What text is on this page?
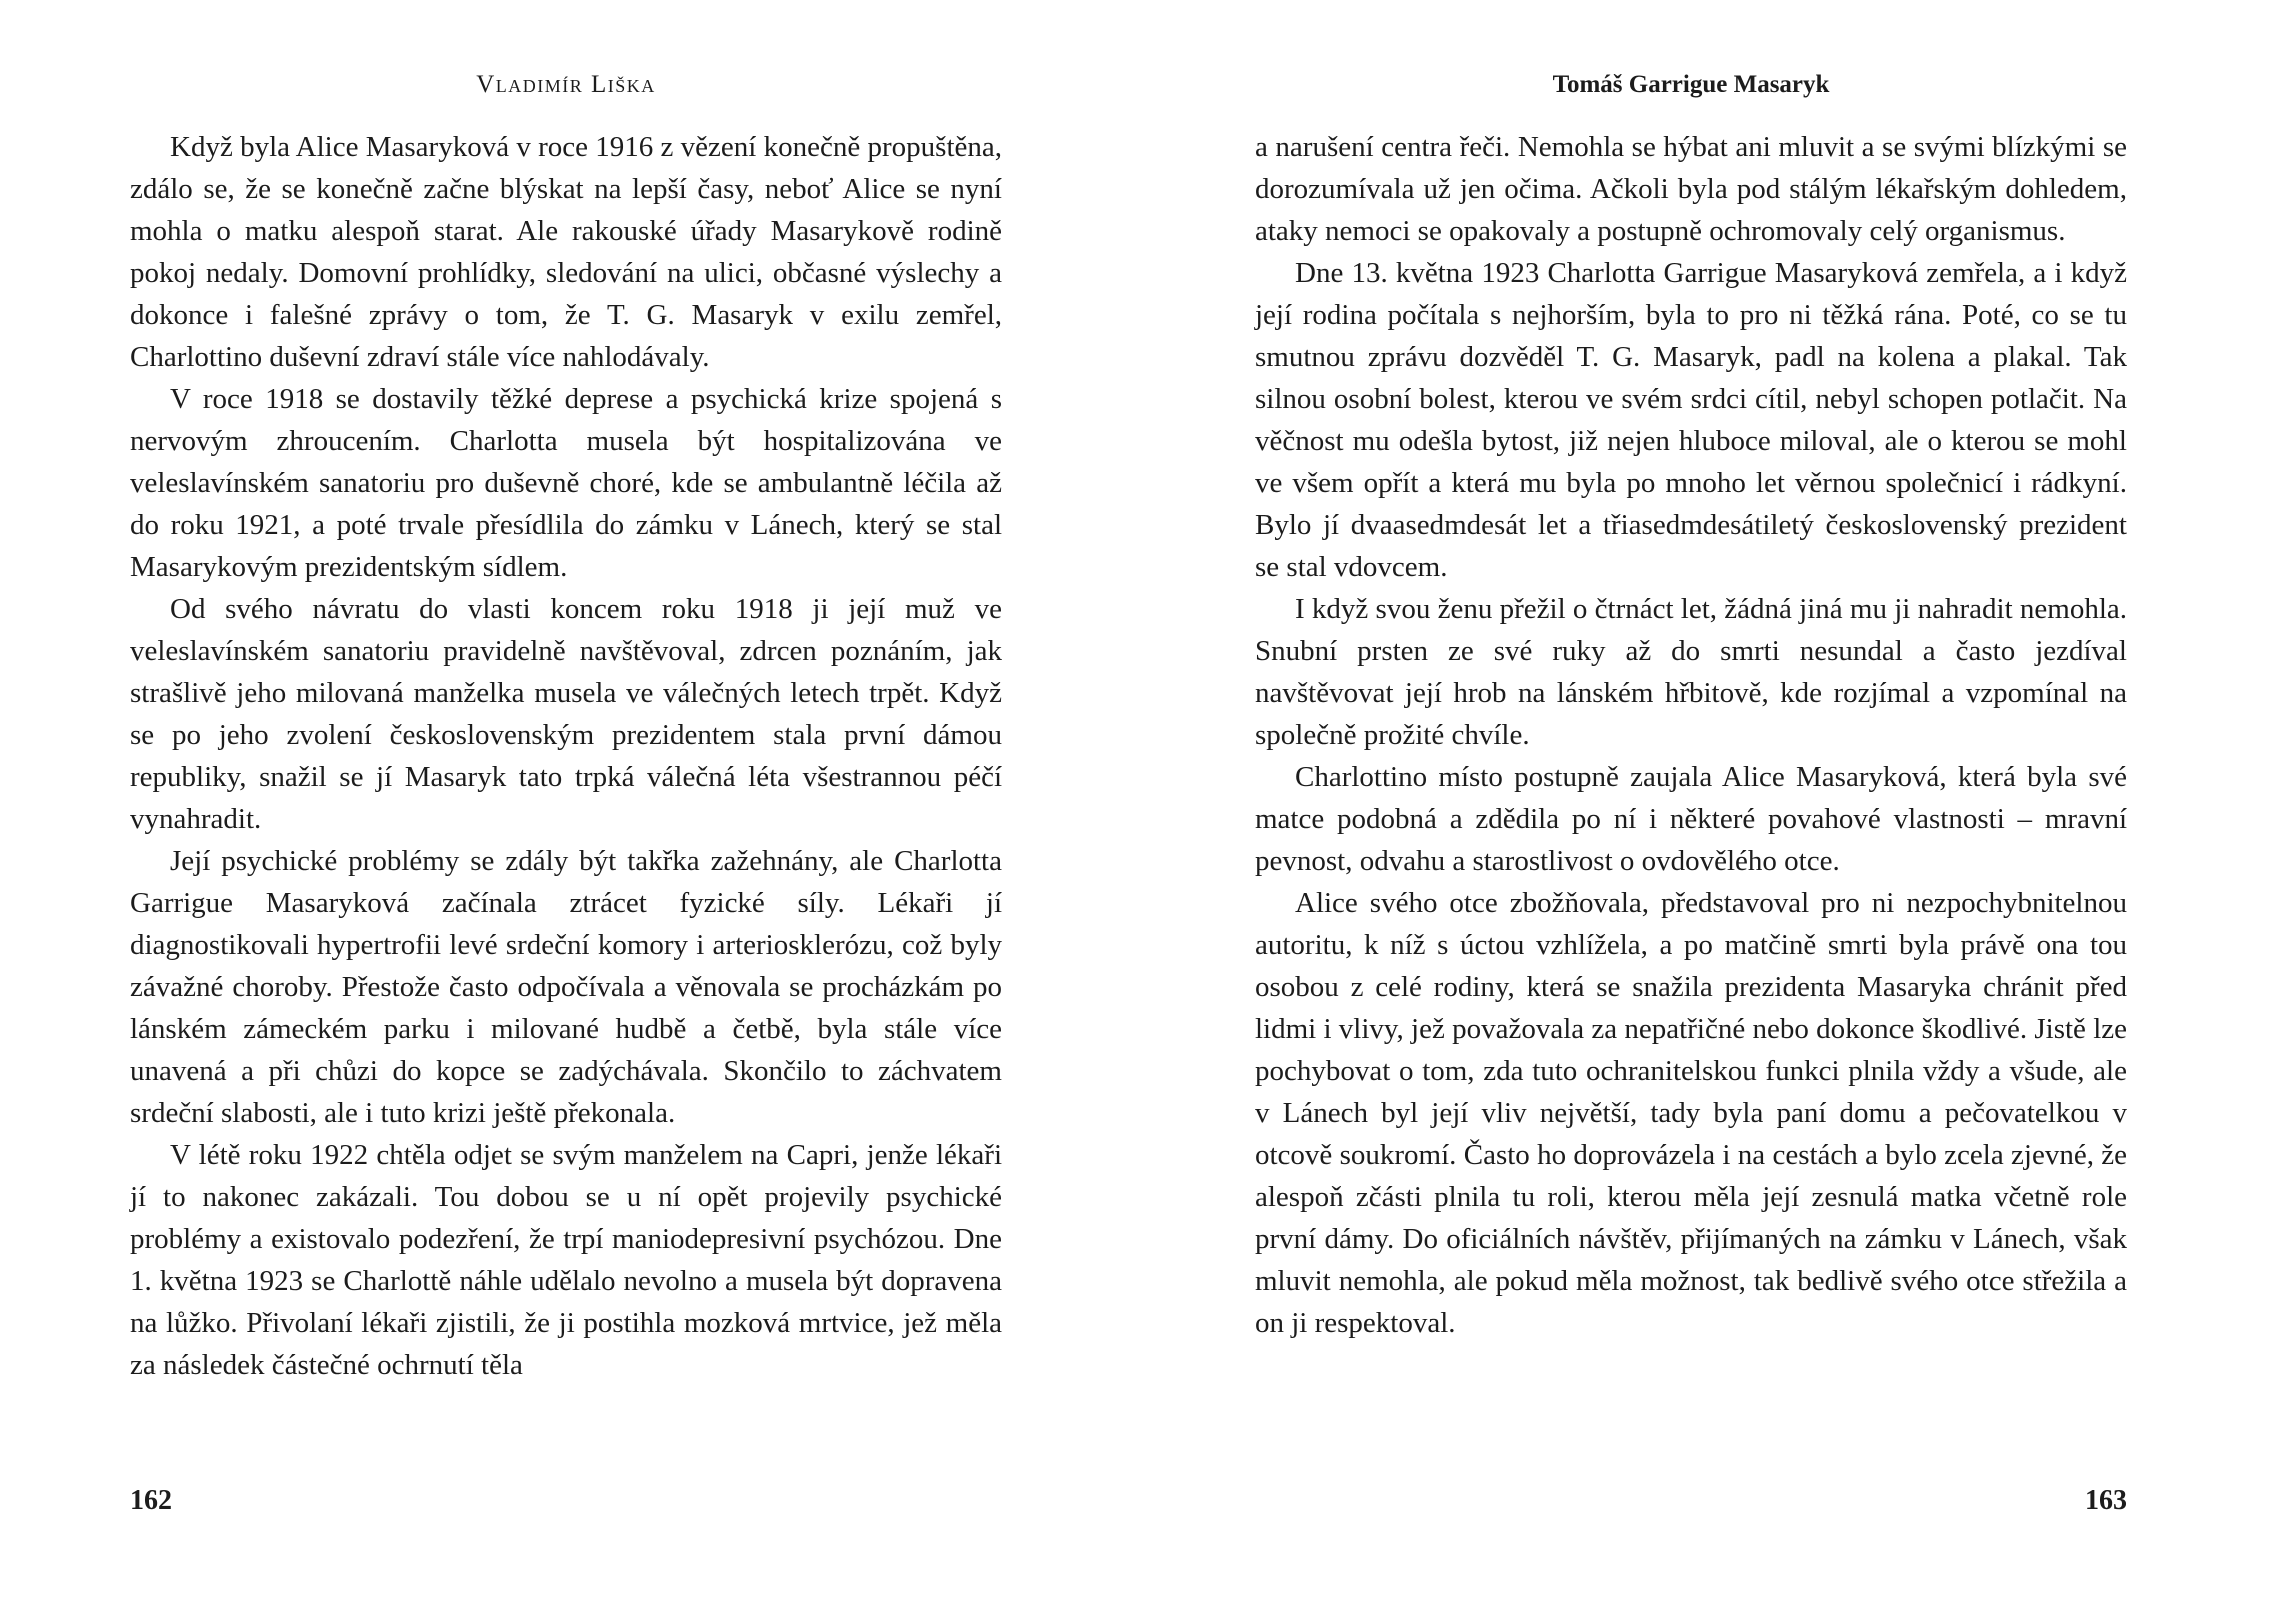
Vladimír Liška

Když byla Alice Masaryková v roce 1916 z vězení konečně propuštěna, zdálo se, že se konečně začne blýskat na lepší časy, neboť Alice se nyní mohla o matku alespoň starat. Ale rakouské úřady Masarykově rodině pokoj nedaly. Domovní prohlídky, sledování na ulici, občasné výslechy a dokonce i falešné zprávy o tom, že T. G. Masaryk v exilu zemřel, Charlottino duševní zdraví stále více nahlodávaly.

V roce 1918 se dostavily těžké deprese a psychická krize spojená s nervovým zhroucením. Charlotta musela být hospitalizována ve veleslavínském sanatoriu pro duševně choré, kde se ambulantně léčila až do roku 1921, a poté trvale přesídlila do zámku v Lánech, který se stal Masarykovým prezidentským sídlem.

Od svého návratu do vlasti koncem roku 1918 ji její muž ve veleslavínském sanatoriu pravidelně navštěvoval, zdrcen poznáním, jak strašlivě jeho milovaná manželka musela ve válečných letech trpět. Když se po jeho zvolení československým prezidentem stala první dámou republiky, snažil se jí Masaryk tato trpká válečná léta všestrannou péčí vynahradit.

Její psychické problémy se zdály být takřka zažehnány, ale Charlotta Garrigue Masaryková začínala ztrácet fyzické síly. Lékaři jí diagnostikovali hypertrofii levé srdeční komory i arteriosklerózu, což byly závažné choroby. Přestože často odpočívala a věnovala se procházkám po lánském zámeckém parku i milované hudbě a četbě, byla stále více unavená a při chůzi do kopce se zadýchávala. Skončilo to záchvatem srdeční slabosti, ale i tuto krizi ještě překonala.

V létě roku 1922 chtěla odjet se svým manželem na Capri, jenže lékaři jí to nakonec zakázali. Tou dobou se u ní opět projevily psychické problémy a existovalo podezření, že trpí maniodepresivní psychózou. Dne 1. května 1923 se Charlottě náhle udělalo nevolno a musela být dopravena na lůžko. Přivolaní lékaři zjistili, že ji postihla mozková mrtvice, jež měla za následek částečné ochrnutí těla

162
Tomáš Garrigue Masaryk

a narušení centra řeči. Nemohla se hýbat ani mluvit a se svými blízkými se dorozumívala už jen očima. Ačkoli byla pod stálým lékařským dohledem, ataky nemoci se opakovaly a postupně ochromovaly celý organismus.

Dne 13. května 1923 Charlotta Garrigue Masaryková zemřela, a i když její rodina počítala s nejhorším, byla to pro ni těžká rána. Poté, co se tu smutnou zprávu dozvěděl T. G. Masaryk, padl na kolena a plakal. Tak silnou osobní bolest, kterou ve svém srdci cítil, nebyl schopen potlačit. Na věčnost mu odešla bytost, již nejen hluboce miloval, ale o kterou se mohl ve všem opřít a která mu byla po mnoho let věrnou společnicí i rádkyní. Bylo jí dvaasedmdesát let a třiasedmdesátiletý československý prezident se stal vdovcem.

I když svou ženu přežil o čtrnáct let, žádná jiná mu ji nahradit nemohla. Snubní prsten ze své ruky až do smrti nesundal a často jezdíval navštěvovat její hrob na lánském hřbitově, kde rozjímal a vzpomínal na společně prožité chvíle.

Charlottino místo postupně zaujala Alice Masaryková, která byla své matce podobná a zdědila po ní i některé povahové vlastnosti – mravní pevnost, odvahu a starostlivost o ovdovělého otce.

Alice svého otce zbožňovala, představoval pro ni nezpochybnitelnou autoritu, k níž s úctou vzhlížela, a po matčině smrti byla právě ona tou osobou z celé rodiny, která se snažila prezidenta Masaryka chránit před lidmi i vlivy, jež považovala za nepatřičné nebo dokonce škodlivé. Jistě lze pochybovat o tom, zda tuto ochranitelskou funkci plnila vždy a všude, ale v Lánech byl její vliv největší, tady byla paní domu a pečovatelkou v otcově soukromí. Často ho doprovázela i na cestách a bylo zcela zjevné, že alespoň zčásti plnila tu roli, kterou měla její zesnulá matka včetně role první dámy. Do oficiálních návštěv, přijímaných na zámku v Lánech, však mluvit nemohla, ale pokud měla možnost, tak bedlivě svého otce střežila a on ji respektoval.

163
